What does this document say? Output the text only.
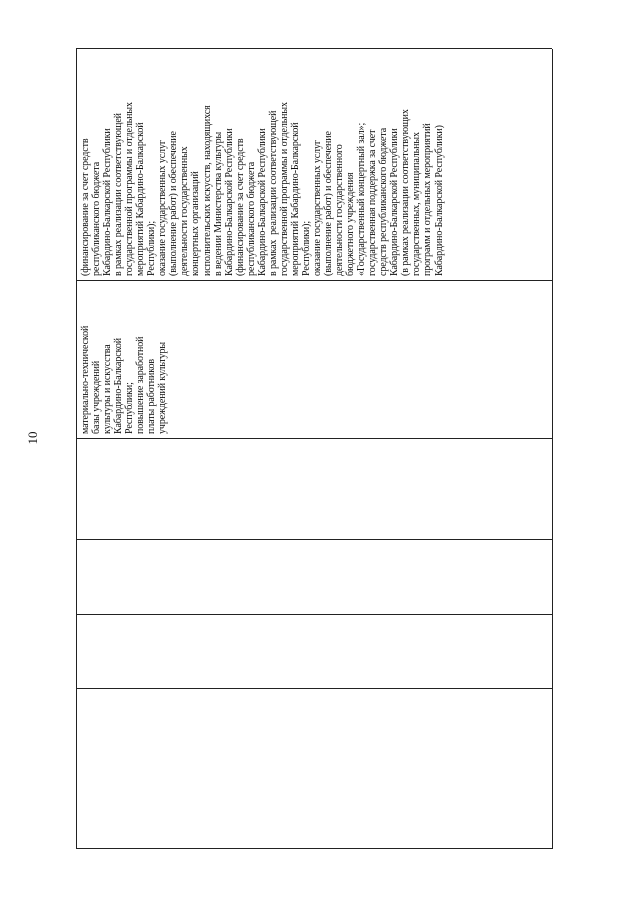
10
материально-технической
базы учреждений
культуры и искусства
Кабардино-Балкарской
Республики;
повышение заработной
платы работников
учреждений культуры
(финансирование за счет средств
республиканского бюджета
Кабардино-Балкарской Республики
в рамках реализации соответствующей
государственной программы и отдельных
мероприятий Кабардино-Балкарской
Республики);
оказание государственных услуг
(выполнение работ) и обеспечение
деятельности государственных
концертных организаций
исполнительских искусств, находящихся
в ведении Министерства культуры
Кабардино-Балкарской Республики
(финансирование за счет средств
республиканского бюджета
Кабардино-Балкарской Республики
в рамках  реализации соответствующей
государственной программы и отдельных
мероприятий Кабардино-Балкарской
Республики);
оказание государственных услуг
(выполнение работ) и обеспечение
деятельности государственного
бюджетного учреждения
«Государственный концертный зал»;
государственная поддержка за счет
средств республиканского бюджета
Кабардино-Балкарской Республики
(в рамках реализации соответствующих
государственных, муниципальных
программ и отдельных мероприятий
Кабардино-Балкарской Республики)
